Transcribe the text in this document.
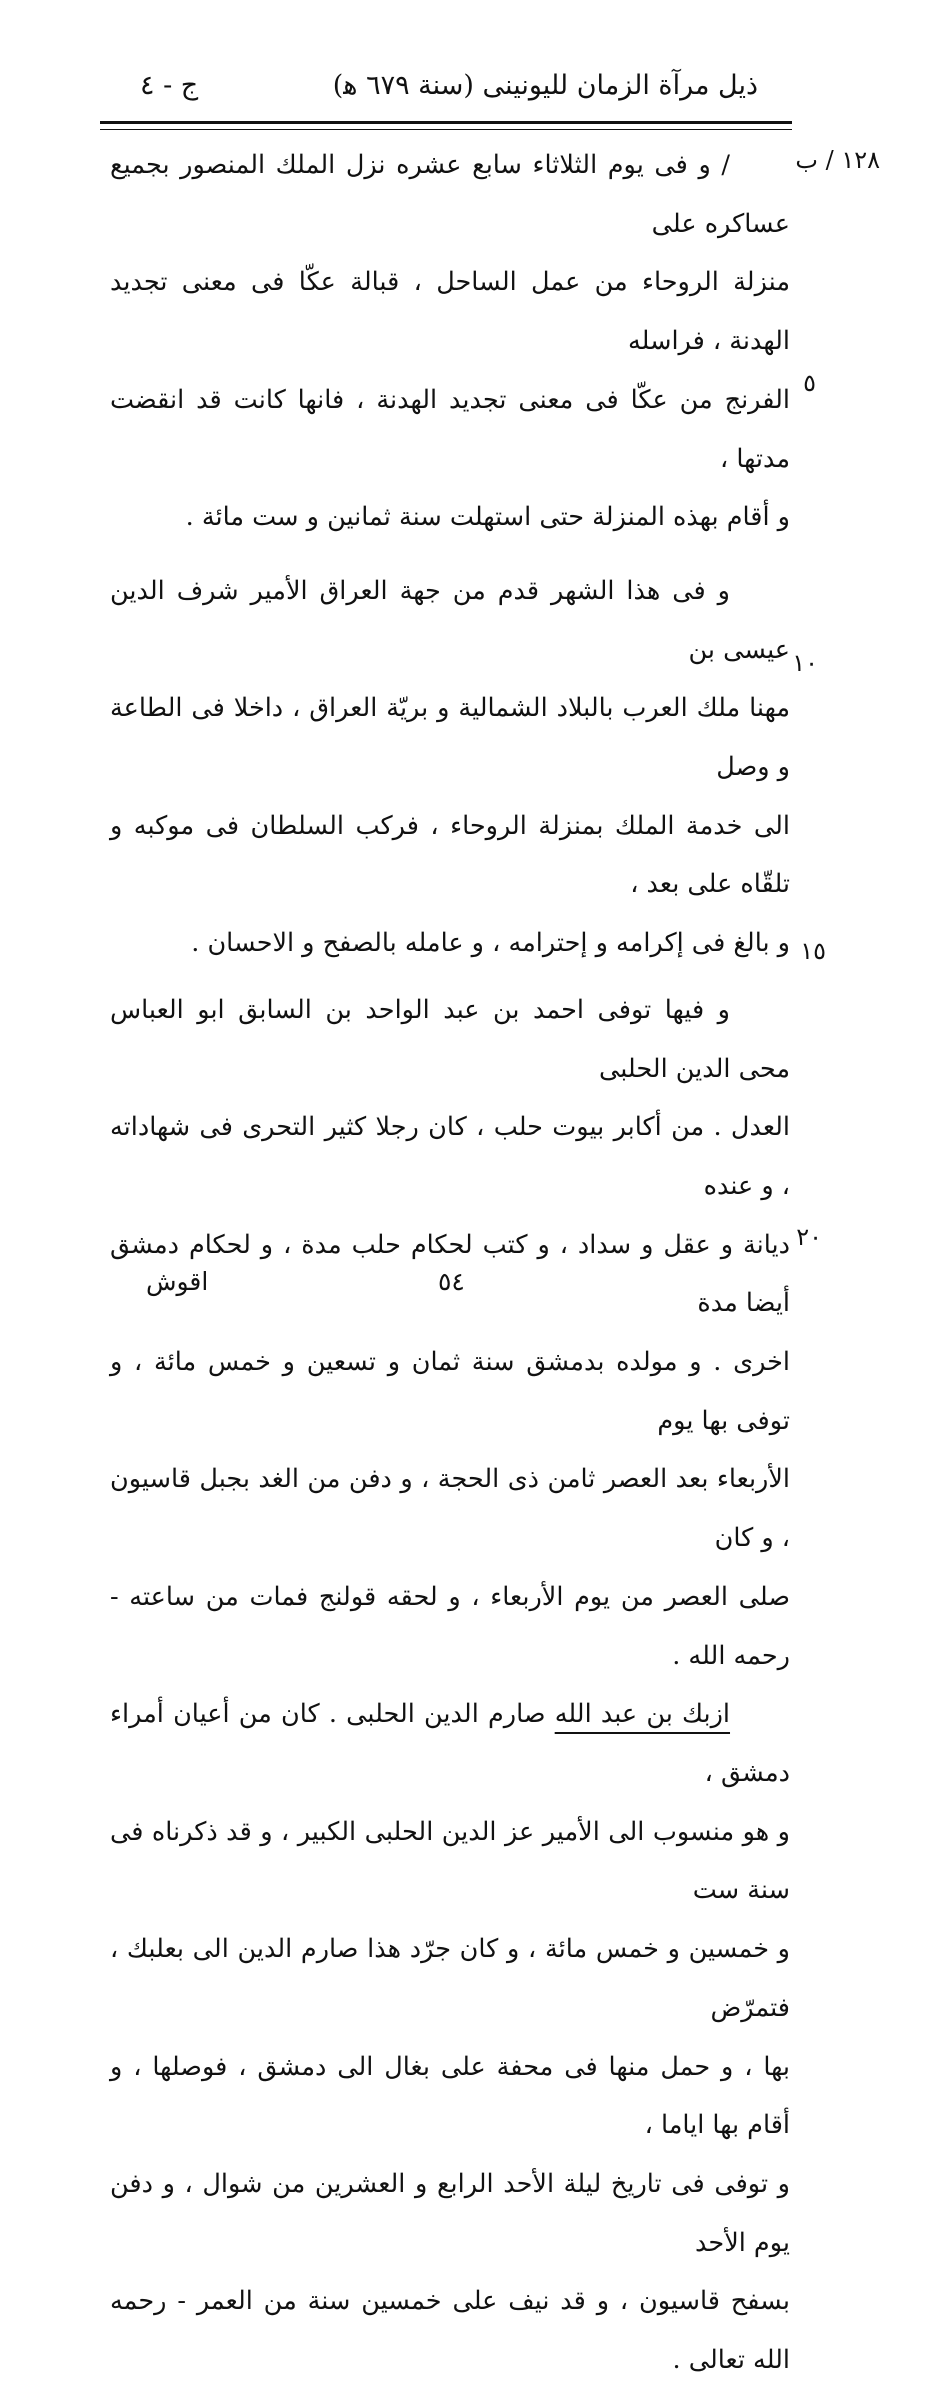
ذيل مرآة الزمان لليونينى (سنة ٦٧٩ ﻫ)
ج - ٤
١٢٨ / ب
٥
١٠
١٥
٢٠

/ و فى يوم الثلاثاء سابع عشره نزل الملك المنصور بجميع عساكره على

منزلة الروحاء من عمل الساحل ، قبالة عكّا فى معنى تجديد الهدنة ، فراسله

الفرنج من عكّا فى معنى تجديد الهدنة ، فانها كانت قد انقضت مدتها ،

و أقام بهذه المنزلة حتى استهلت سنة ثمانين و ست مائة .

و فى هذا الشهر قدم من جهة العراق الأمير شرف الدين عيسى بن

مهنا ملك العرب بالبلاد الشمالية و بريّة العراق ، داخلا فى الطاعة و وصل

الى خدمة الملك بمنزلة الروحاء ، فركب السلطان فى موكبه و تلقّاه على بعد ،

و بالغ فى إكرامه و إحترامه ، و عامله بالصفح و الاحسان .

و فيها توفى احمد بن عبد الواحد بن السابق ابو العباس محى الدين الحلبى

العدل . من أكابر بيوت حلب ، كان رجلا كثير التحرى فى شهاداته ، و عنده

ديانة و عقل و سداد ، و كتب لحكام حلب مدة ، و لحكام دمشق أيضا مدة

اخرى . و مولده بدمشق سنة ثمان و تسعين و خمس مائة ، و توفى بها يوم

الأربعاء بعد العصر ثامن ذى الحجة ، و دفن من الغد بجبل قاسيون ، و كان

صلى العصر من يوم الأربعاء ، و لحقه قولنج فمات من ساعته - رحمه الله .

ازبك بن عبد الله صارم الدين الحلبى . كان من أعيان أمراء دمشق ،

و هو منسوب الى الأمير عز الدين الحلبى الكبير ، و قد ذكرناه فى سنة ست

و خمسين و خمس مائة ، و كان جرّد هذا صارم الدين الى بعلبك ، فتمرّض

بها ، و حمل منها فى محفة على بغال الى دمشق ، فوصلها ، و أقام بها اياما ،

و توفى فى تاريخ ليلة الأحد الرابع و العشرين من شوال ، و دفن يوم الأحد

بسفح قاسيون ، و قد نيف على خمسين سنة من العمر - رحمه الله تعالى .

اقوش	٥٤
